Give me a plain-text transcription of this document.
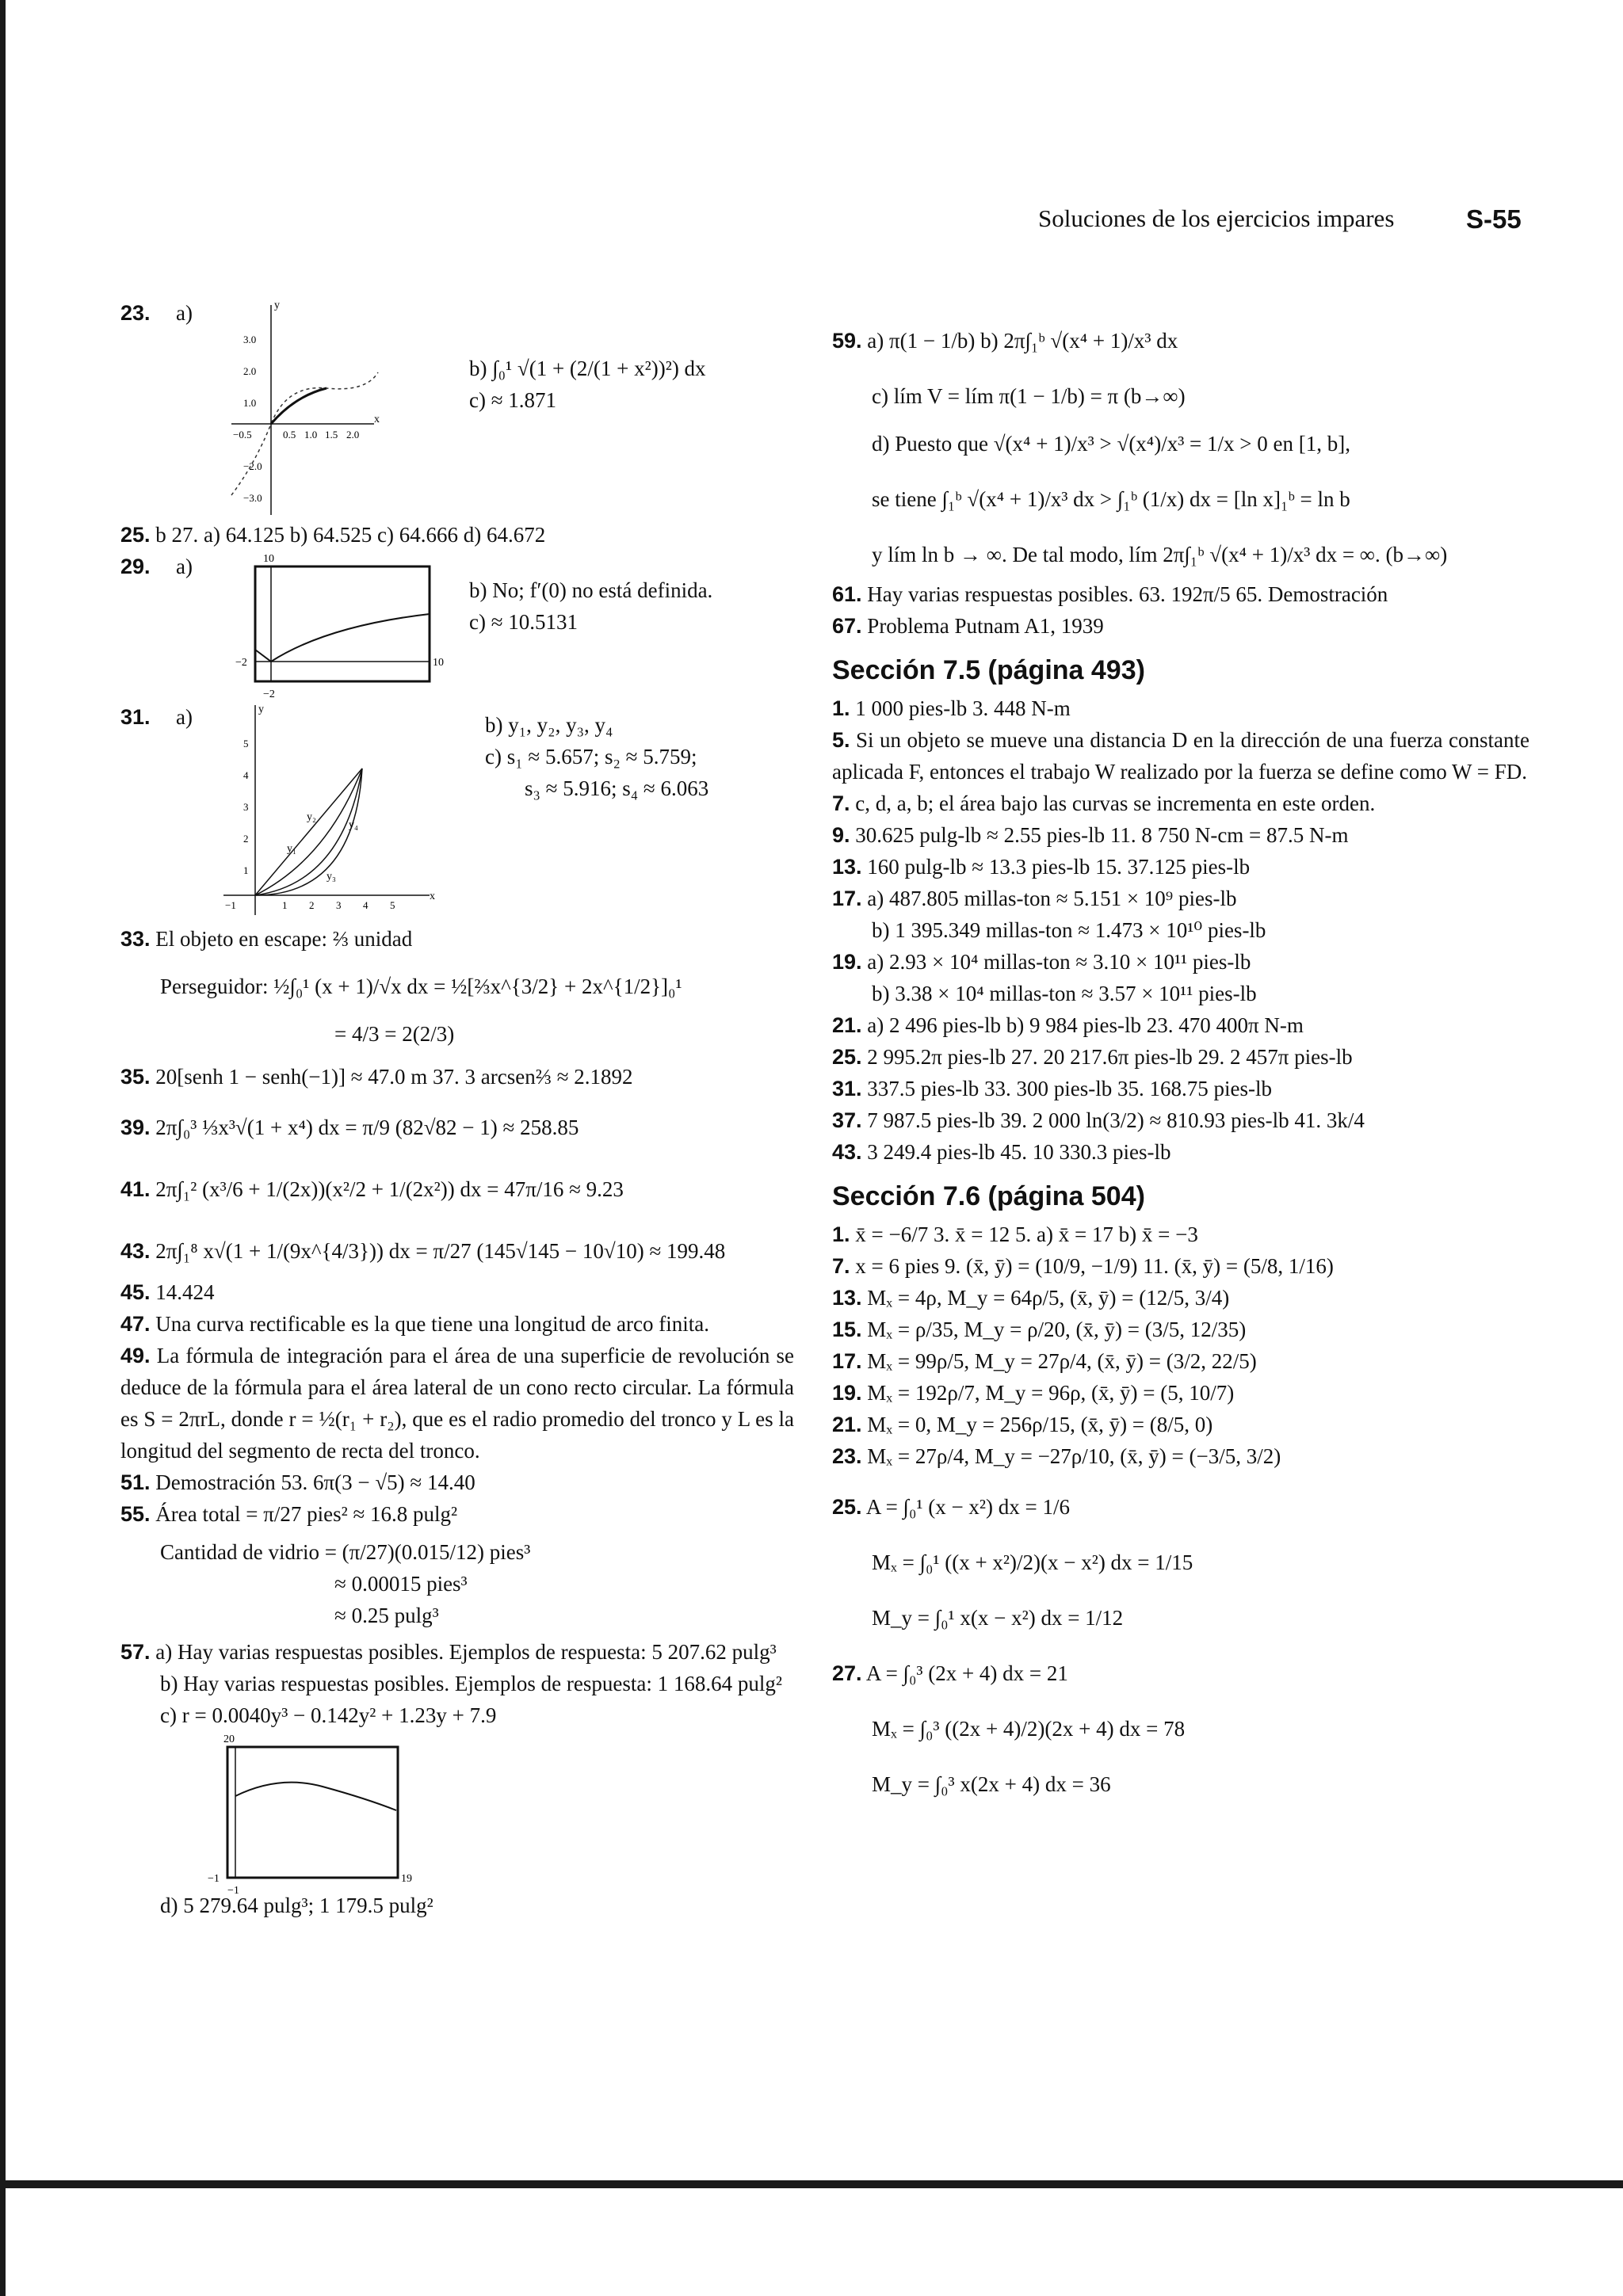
Soluciones de los ejercicios impares	S-55
23.	a)	y
x
3.0
2.0
1.0
−2.0
−3.0
−0.5	0.5 1.0 1.5 2.0

b) ∫₀¹ √(1 + (2/(1 + x²))²) dx

c) ≈ 1.871

25. b 27. a) 64.125 b) 64.525 c) 64.666 d) 64.672

29.	a)	10
−2	10
−2

b) No; f′(0) no está definida.

c) ≈ 10.5131

31.	a)	y
x
5
4
3
2
1
−1	1 2 3 4 5
y₁
y₂
y₃
y₄

b) y₁, y₂, y₃, y₄

c) s₁ ≈ 5.657; s₂ ≈ 5.759;

s₃ ≈ 5.916; s₄ ≈ 6.063

33. El objeto en escape: ⅔ unidad

Perseguidor: ½∫₀¹ (x + 1)/√x dx = ½[⅔x^{3/2} + 2x^{1/2}]₀¹

= 4/3 = 2(2/3)

35. 20[senh 1 − senh(−1)] ≈ 47.0 m 37. 3 arcsen⅔ ≈ 2.1892

39. 2π∫₀³ ⅓x³√(1 + x⁴) dx = π/9 (82√82 − 1) ≈ 258.85

41. 2π∫₁² (x³/6 + 1/(2x))(x²/2 + 1/(2x²)) dx = 47π/16 ≈ 9.23

43. 2π∫₁⁸ x√(1 + 1/(9x^{4/3})) dx = π/27 (145√145 − 10√10) ≈ 199.48

45. 14.424

47. Una curva rectificable es la que tiene una longitud de arco finita.

49. La fórmula de integración para el área de una superficie de revolución se deduce de la fórmula para el área lateral de un cono recto circular. La fórmula es S = 2πrL, donde r = ½(r₁ + r₂), que es el radio promedio del tronco y L es la longitud del segmento de recta del tronco.

51. Demostración 53. 6π(3 − √5) ≈ 14.40

55. Área total = π/27 pies² ≈ 16.8 pulg²

Cantidad de vidrio = (π/27)(0.015/12) pies³

≈ 0.00015 pies³

≈ 0.25 pulg³

57. a) Hay varias respuestas posibles. Ejemplos de respuesta: 5 207.62 pulg³

b) Hay varias respuestas posibles. Ejemplos de respuesta: 1 168.64 pulg²

c) r = 0.0040y³ − 0.142y² + 1.23y + 7.9

20
−1	19
−1

59. a) π(1 − 1/b) b) 2π∫₁ᵇ √(x⁴ + 1)/x³ dx

c) lím V = lím π(1 − 1/b) = π (b→∞)

d) Puesto que √(x⁴ + 1)/x³ > √(x⁴)/x³ = 1/x > 0 en [1, b],

se tiene ∫₁ᵇ √(x⁴ + 1)/x³ dx > ∫₁ᵇ (1/x) dx = [ln x]₁ᵇ = ln b

y lím ln b → ∞. De tal modo, lím 2π∫₁ᵇ √(x⁴ + 1)/x³ dx = ∞. (b→∞)

61. Hay varias respuestas posibles. 63. 192π/5 65. Demostración

67. Problema Putnam A1, 1939

Sección 7.5 (página 493)

1. 1 000 pies-lb 3. 448 N-m

5. Si un objeto se mueve una distancia D en la dirección de una fuerza constante aplicada F, entonces el trabajo W realizado por la fuerza se define como W = FD.

7. c, d, a, b; el área bajo las curvas se incrementa en este orden.

9. 30.625 pulg-lb ≈ 2.55 pies-lb 11. 8 750 N-cm = 87.5 N-m

13. 160 pulg-lb ≈ 13.3 pies-lb 15. 37.125 pies-lb

17. a) 487.805 millas-ton ≈ 5.151 × 10⁹ pies-lb

b) 1 395.349 millas-ton ≈ 1.473 × 10¹⁰ pies-lb

19. a) 2.93 × 10⁴ millas-ton ≈ 3.10 × 10¹¹ pies-lb

b) 3.38 × 10⁴ millas-ton ≈ 3.57 × 10¹¹ pies-lb

21. a) 2 496 pies-lb b) 9 984 pies-lb 23. 470 400π N-m

25. 2 995.2π pies-lb 27. 20 217.6π pies-lb 29. 2 457π pies-lb

31. 337.5 pies-lb 33. 300 pies-lb 35. 168.75 pies-lb

37. 7 987.5 pies-lb 39. 2 000 ln(3/2) ≈ 810.93 pies-lb 41. 3k/4

43. 3 249.4 pies-lb 45. 10 330.3 pies-lb

Sección 7.6 (página 504)

1. x̄ = −6/7 3. x̄ = 12 5. a) x̄ = 17 b) x̄ = −3

7. x = 6 pies 9. (x̄, ȳ) = (10/9, −1/9) 11. (x̄, ȳ) = (5/8, 1/16)

13. Mₓ = 4ρ, M_y = 64ρ/5, (x̄, ȳ) = (12/5, 3/4)

15. Mₓ = ρ/35, M_y = ρ/20, (x̄, ȳ) = (3/5, 12/35)

17. Mₓ = 99ρ/5, M_y = 27ρ/4, (x̄, ȳ) = (3/2, 22/5)

19. Mₓ = 192ρ/7, M_y = 96ρ, (x̄, ȳ) = (5, 10/7)

21. Mₓ = 0, M_y = 256ρ/15, (x̄, ȳ) = (8/5, 0)

23. Mₓ = 27ρ/4, M_y = −27ρ/10, (x̄, ȳ) = (−3/5, 3/2)

25. A = ∫₀¹ (x − x²) dx = 1/6

Mₓ = ∫₀¹ ((x + x²)/2)(x − x²) dx = 1/15

M_y = ∫₀¹ x(x − x²) dx = 1/12

27. A = ∫₀³ (2x + 4) dx = 21

Mₓ = ∫₀³ ((2x + 4)/2)(2x + 4) dx = 78

M_y = ∫₀³ x(2x + 4) dx = 36

d) 5 279.64 pulg³; 1 179.5 pulg²
